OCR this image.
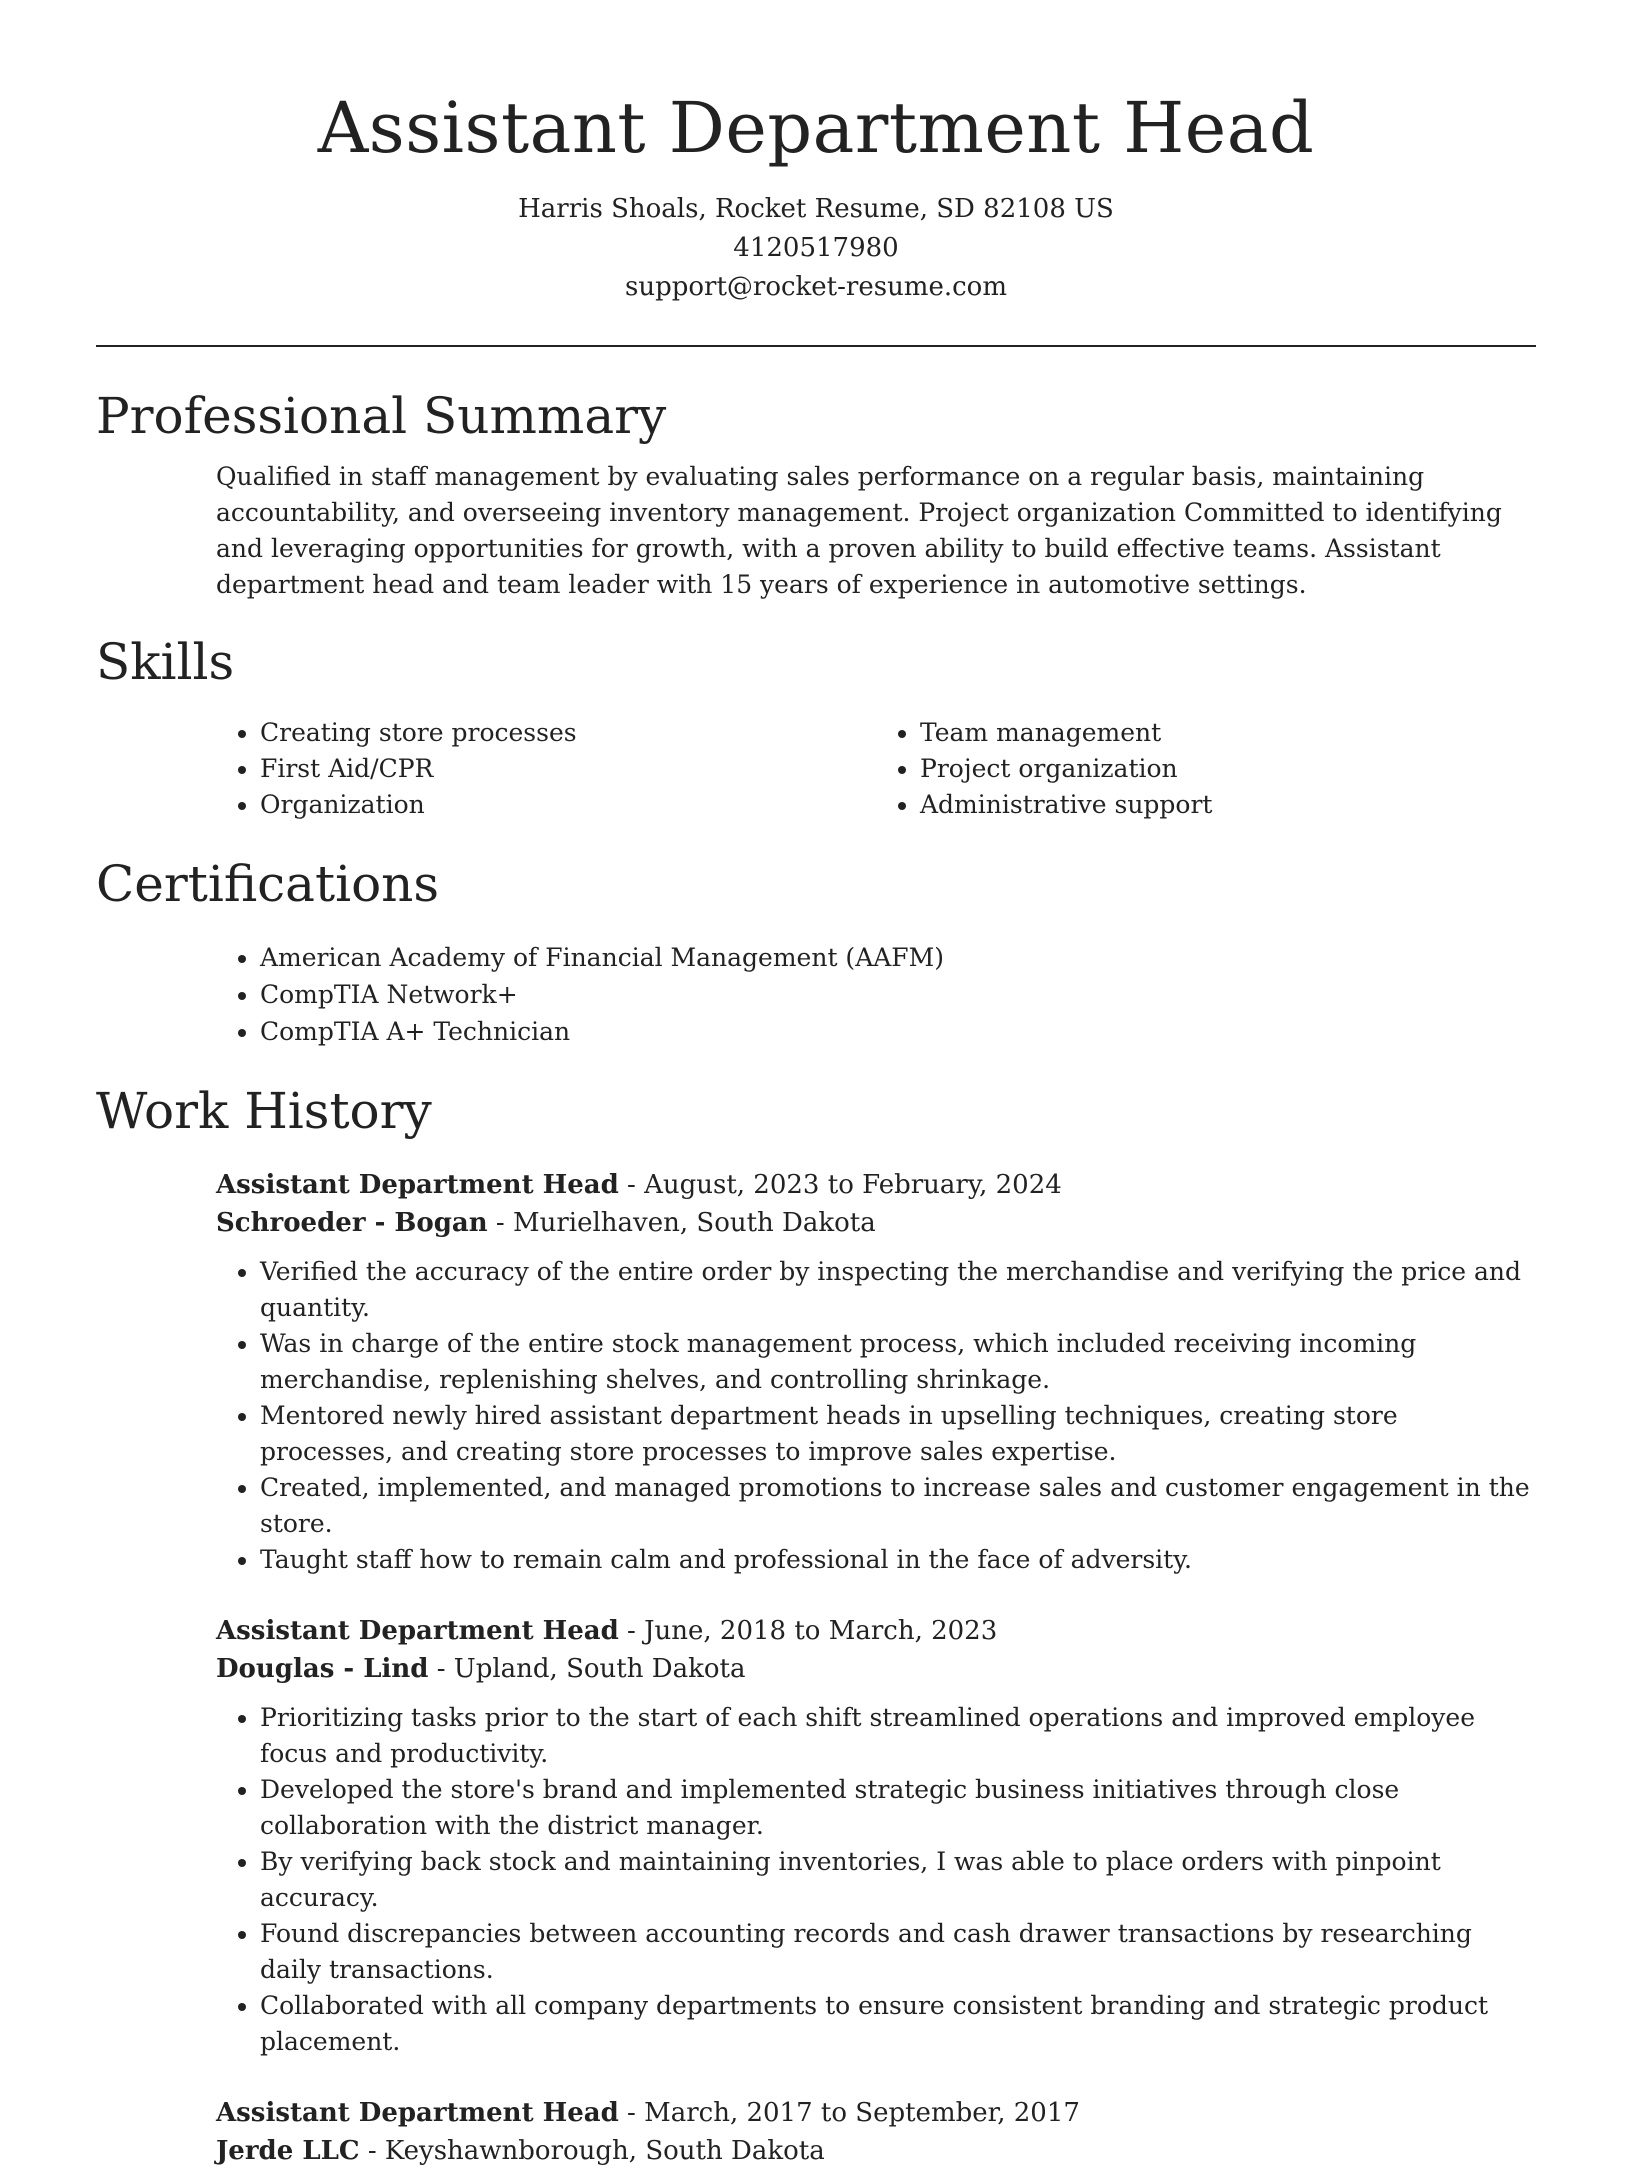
Assistant Department Head
Harris Shoals, Rocket Resume, SD 82108 US
4120517980
support@rocket-resume.com
Professional Summary

Qualified in staff management by evaluating sales performance on a regular basis, maintaining accountability, and overseeing inventory management. Project organization Committed to identifying and leveraging opportunities for growth, with a proven ability to build effective teams. Assistant department head and team leader with 15 years of experience in automotive settings.

Skills
• Creating store processes
• First Aid/CPR
• Organization
• Team management
• Project organization
• Administrative support
Certifications
• American Academy of Financial Management (AAFM)
• CompTIA Network+
• CompTIA A+ Technician
Work History
Assistant Department Head - August, 2023 to February, 2024
Schroeder - Bogan - Murielhaven, South Dakota
• Verified the accuracy of the entire order by inspecting the merchandise and verifying the price and quantity.
• Was in charge of the entire stock management process, which included receiving incoming merchandise, replenishing shelves, and controlling shrinkage.
• Mentored newly hired assistant department heads in upselling techniques, creating store processes, and creating store processes to improve sales expertise.
• Created, implemented, and managed promotions to increase sales and customer engagement in the store.
• Taught staff how to remain calm and professional in the face of adversity.
Assistant Department Head - June, 2018 to March, 2023
Douglas - Lind - Upland, South Dakota
• Prioritizing tasks prior to the start of each shift streamlined operations and improved employee focus and productivity.
• Developed the store's brand and implemented strategic business initiatives through close collaboration with the district manager.
• By verifying back stock and maintaining inventories, I was able to place orders with pinpoint accuracy.
• Found discrepancies between accounting records and cash drawer transactions by researching daily transactions.
• Collaborated with all company departments to ensure consistent branding and strategic product placement.
Assistant Department Head - March, 2017 to September, 2017
Jerde LLC - Keyshawnborough, South Dakota
